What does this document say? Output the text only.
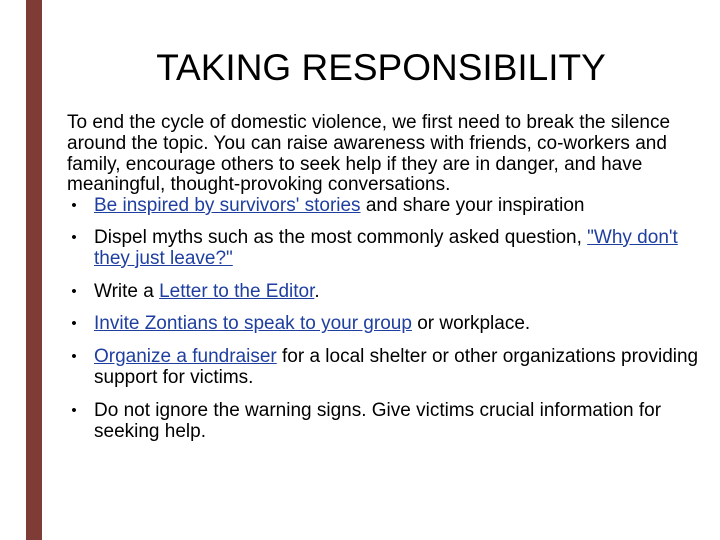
TAKING RESPONSIBILITY

To end the cycle of domestic violence, we first need to break the silence around the topic. You can raise awareness with friends, co-workers and family, encourage others to seek help if they are in danger, and have meaningful, thought-provoking conversations.

• Be inspired by survivors' stories and share your inspiration
• Dispel myths such as the most commonly asked question, "Why don't they just leave?"
• Write a Letter to the Editor.
• Invite Zontians to speak to your group or workplace.
• Organize a fundraiser for a local shelter or other organizations providing support for victims.
• Do not ignore the warning signs. Give victims crucial information for seeking help.
